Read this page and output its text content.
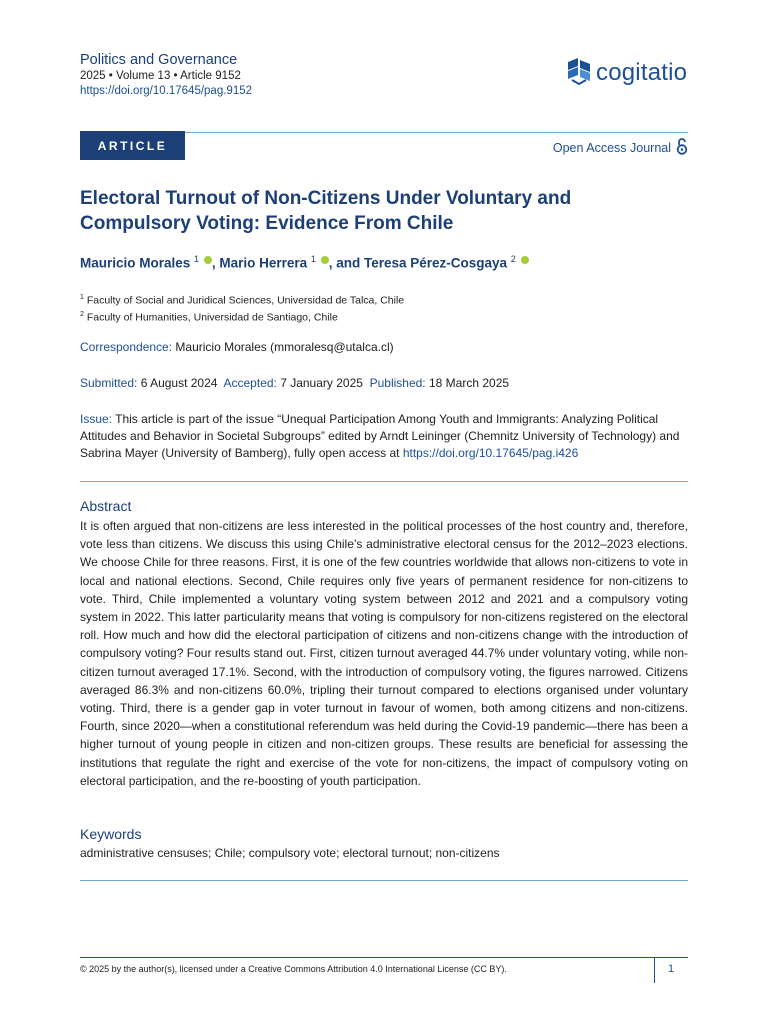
Politics and Governance
2025 • Volume 13 • Article 9152
https://doi.org/10.17645/pag.9152
cogitatio
ARTICLE	Open Access Journal
Electoral Turnout of Non-Citizens Under Voluntary and Compulsory Voting: Evidence From Chile
Mauricio Morales $^1$ , Mario Herrera $^1$ , and Teresa Pérez-Cosgaya $^2$
$^1$ Faculty of Social and Juridical Sciences, Universidad de Talca, Chile
$^2$ Faculty of Humanities, Universidad de Santiago, Chile
Correspondence: Mauricio Morales (mmoralesq@utalca.cl)
Submitted: 6 August 2024 Accepted: 7 January 2025 Published: 18 March 2025
Issue: This article is part of the issue “Unequal Participation Among Youth and Immigrants: Analyzing Political Attitudes and Behavior in Societal Subgroups” edited by Arndt Leininger (Chemnitz University of Technology) and Sabrina Mayer (University of Bamberg), fully open access at https://doi.org/10.17645/pag.i426
Abstract
It is often argued that non-citizens are less interested in the political processes of the host country and, therefore, vote less than citizens. We discuss this using Chile’s administrative electoral census for the 2012–2023 elections. We choose Chile for three reasons. First, it is one of the few countries worldwide that allows non-citizens to vote in local and national elections. Second, Chile requires only five years of permanent residence for non-citizens to vote. Third, Chile implemented a voluntary voting system between 2012 and 2021 and a compulsory voting system in 2022. This latter particularity means that voting is compulsory for non-citizens registered on the electoral roll. How much and how did the electoral participation of citizens and non-citizens change with the introduction of compulsory voting? Four results stand out. First, citizen turnout averaged 44.7% under voluntary voting, while non-citizen turnout averaged 17.1%. Second, with the introduction of compulsory voting, the figures narrowed. Citizens averaged 86.3% and non-citizens 60.0%, tripling their turnout compared to elections organised under voluntary voting. Third, there is a gender gap in voter turnout in favour of women, both among citizens and non-citizens. Fourth, since 2020—when a constitutional referendum was held during the Covid-19 pandemic—there has been a higher turnout of young people in citizen and non-citizen groups. These results are beneficial for assessing the institutions that regulate the right and exercise of the vote for non-citizens, the impact of compulsory voting on electoral participation, and the re-boosting of youth participation.
Keywords
administrative censuses; Chile; compulsory vote; electoral turnout; non-citizens
© 2025 by the author(s), licensed under a Creative Commons Attribution 4.0 International License (CC BY).	1
